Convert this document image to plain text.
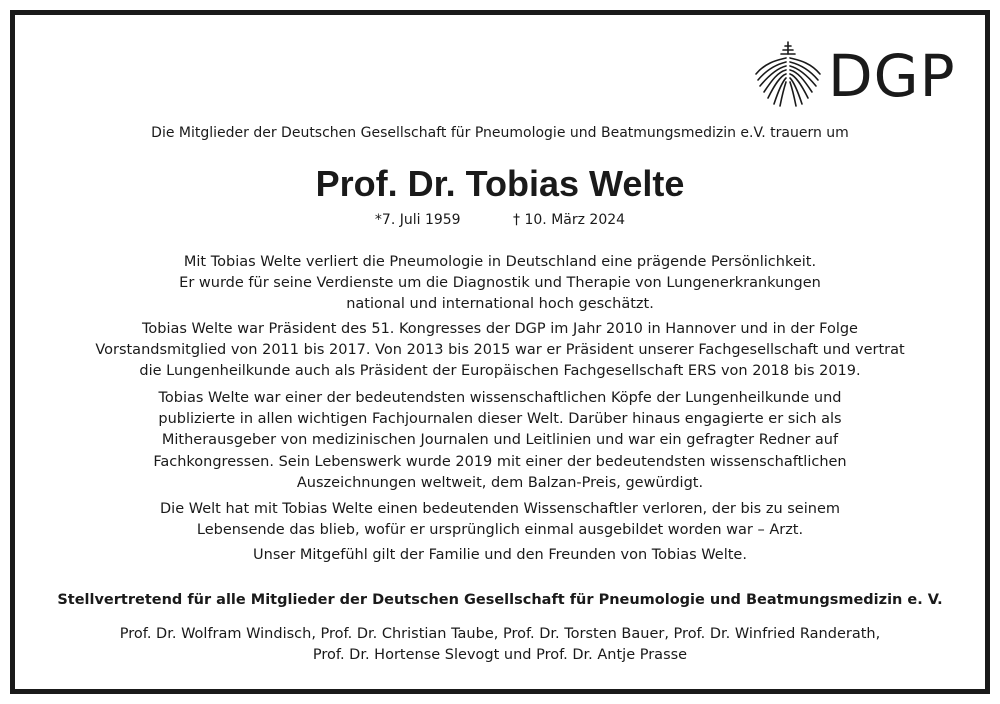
DGP
Die Mitglieder der Deutschen Gesellschaft für Pneumologie und Beatmungsmedizin e.V. trauern um
Prof. Dr. Tobias Welte
*7. Juli 1959	† 10. März 2024
Mit Tobias Welte verliert die Pneumologie in Deutschland eine prägende Persönlichkeit.
Er wurde für seine Verdienste um die Diagnostik und Therapie von Lungenerkrankungen
national und international hoch geschätzt.
Tobias Welte war Präsident des 51. Kongresses der DGP im Jahr 2010 in Hannover und in der Folge
Vorstandsmitglied von 2011 bis 2017. Von 2013 bis 2015 war er Präsident unserer Fachgesellschaft und vertrat
die Lungenheilkunde auch als Präsident der Europäischen Fachgesellschaft ERS von 2018 bis 2019.
Tobias Welte war einer der bedeutendsten wissenschaftlichen Köpfe der Lungenheilkunde und
publizierte in allen wichtigen Fachjournalen dieser Welt. Darüber hinaus engagierte er sich als
Mitherausgeber von medizinischen Journalen und Leitlinien und war ein gefragter Redner auf
Fachkongressen. Sein Lebenswerk wurde 2019 mit einer der bedeutendsten wissenschaftlichen
Auszeichnungen weltweit, dem Balzan-Preis, gewürdigt.
Die Welt hat mit Tobias Welte einen bedeutenden Wissenschaftler verloren, der bis zu seinem
Lebensende das blieb, wofür er ursprünglich einmal ausgebildet worden war – Arzt.
Unser Mitgefühl gilt der Familie und den Freunden von Tobias Welte.
Stellvertretend für alle Mitglieder der Deutschen Gesellschaft für Pneumologie und Beatmungsmedizin e. V.
Prof. Dr. Wolfram Windisch, Prof. Dr. Christian Taube, Prof. Dr. Torsten Bauer, Prof. Dr. Winfried Randerath,
Prof. Dr. Hortense Slevogt und Prof. Dr. Antje Prasse
